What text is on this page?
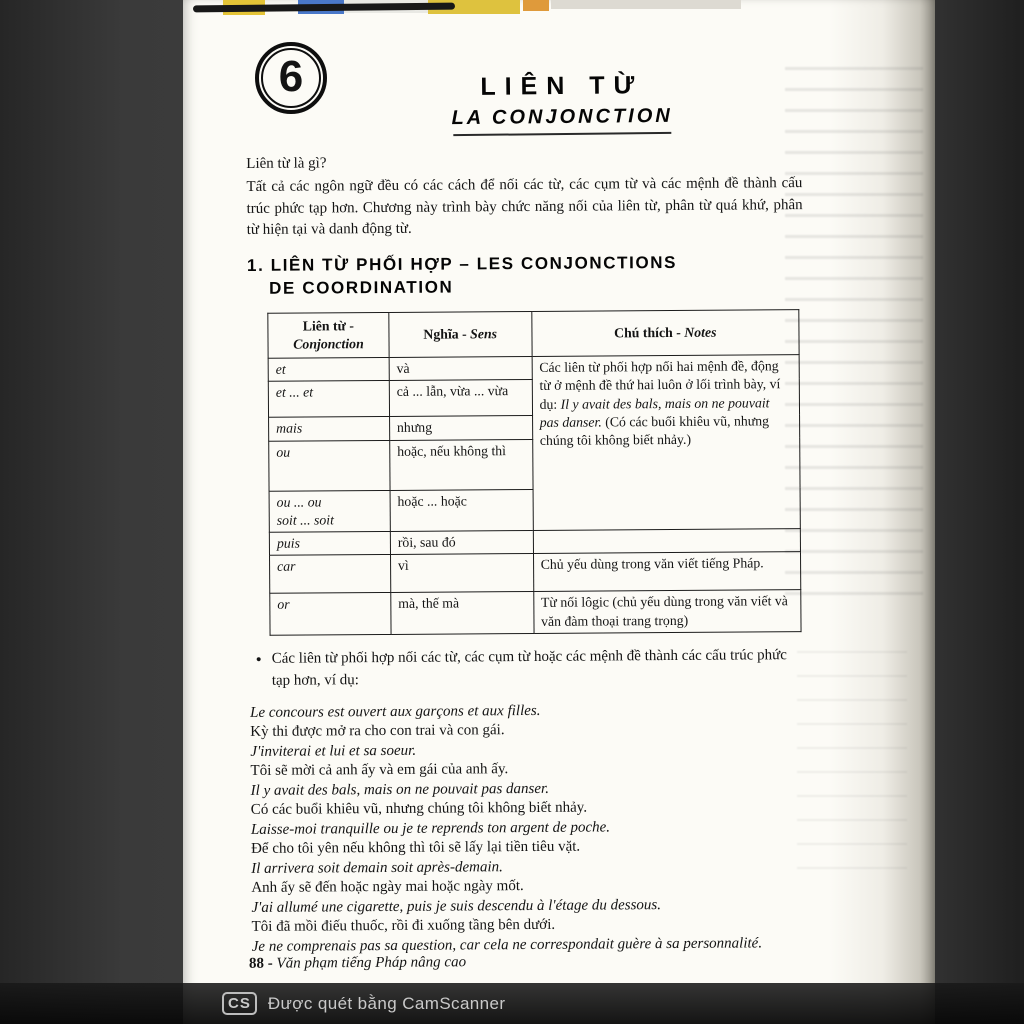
6	LIÊN TỪ
LA CONJONCTION

Liên từ là gì?

Tất cả các ngôn ngữ đều có các cách để nối các từ, các cụm từ và các mệnh đề thành cấu trúc phức tạp hơn. Chương này trình bày chức năng nối của liên từ, phân từ quá khứ, phân từ hiện tại và danh động từ.

1. LIÊN TỪ PHỐI HỢP – LES CONJONCTIONS
DE COORDINATION
Liên từ -
Conjonction	Nghĩa - Sens	Chú thích - Notes
et	và	Các liên từ phối hợp nối hai mệnh đề, động từ ở mệnh đề thứ hai luôn ở lối trình bày, ví dụ: Il y avait des bals, mais on ne pouvait pas danser. (Có các buổi khiêu vũ, nhưng chúng tôi không biết nhảy.)
et ... et	cả ... lẫn, vừa ... vừa	
mais	nhưng	
ou	hoặc, nếu không thì	
ou ... ou
soit ... soit	hoặc ... hoặc	
puis	rồi, sau đó	
car	vì	Chủ yếu dùng trong văn viết tiếng Pháp.
or	mà, thế mà	Từ nối lôgic (chủ yếu dùng trong văn viết và văn đàm thoại trang trọng)
• Các liên từ phối hợp nối các từ, các cụm từ hoặc các mệnh đề thành các cấu trúc phức tạp hơn, ví dụ:
Le concours est ouvert aux garçons et aux filles.
Kỳ thi được mở ra cho con trai và con gái.
J'inviterai et lui et sa soeur.
Tôi sẽ mời cả anh ấy và em gái của anh ấy.
Il y avait des bals, mais on ne pouvait pas danser.
Có các buổi khiêu vũ, nhưng chúng tôi không biết nhảy.
Laisse-moi tranquille ou je te reprends ton argent de poche.
Để cho tôi yên nếu không thì tôi sẽ lấy lại tiền tiêu vặt.
Il arrivera soit demain soit après-demain.
Anh ấy sẽ đến hoặc ngày mai hoặc ngày mốt.
J'ai allumé une cigarette, puis je suis descendu à l'étage du dessous.
Tôi đã mồi điếu thuốc, rồi đi xuống tầng bên dưới.
Je ne comprenais pas sa question, car cela ne correspondait guère à sa personnalité.
88 - Văn phạm tiếng Pháp nâng cao
CS	Được quét bằng CamScanner
